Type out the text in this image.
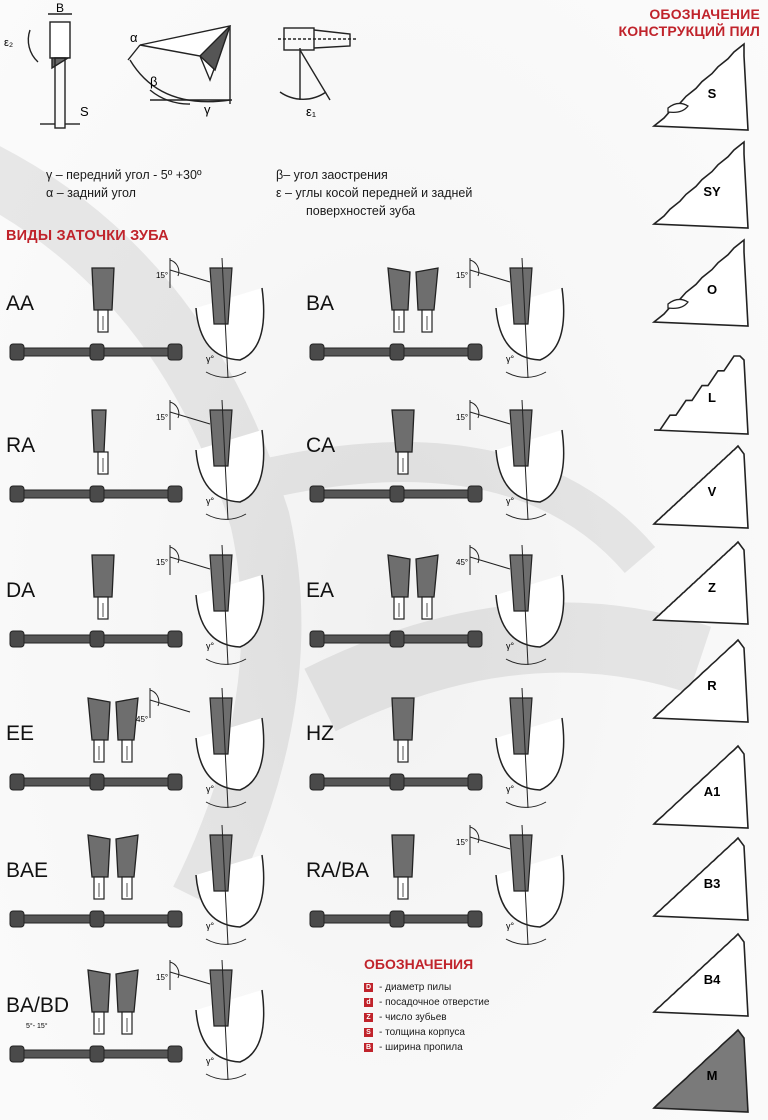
ОБОЗНАЧЕНИЕ
КОНСТРУКЦИЙ ПИЛ
B
S
ε₂	α
β
γ	ε₁
γ – передний угол - 5º +30º
α – задний угол
β– угол заострения
ε – углы косой передней и задней
поверхностей зуба
ВИДЫ ЗАТОЧКИ ЗУБА
AA
γ°
15°
BA
γ°
15°
RA
γ°
15°
CA
γ°
15°
DA
γ°
15°
EA
γ°
45°
EE
γ°
45°
HZ
γ°
BAE
γ°
RA/BA
γ°
15°
BA/BD
γ°
15°
5°- 15°
ОБОЗНАЧЕНИЯ
D - диаметр пилы
d - посадочное отверстие
Z - число зубьев
S - толщина корпуса
B - ширина пропила
S
SY
O
L
V
Z
R
A1
B3
B4
M
